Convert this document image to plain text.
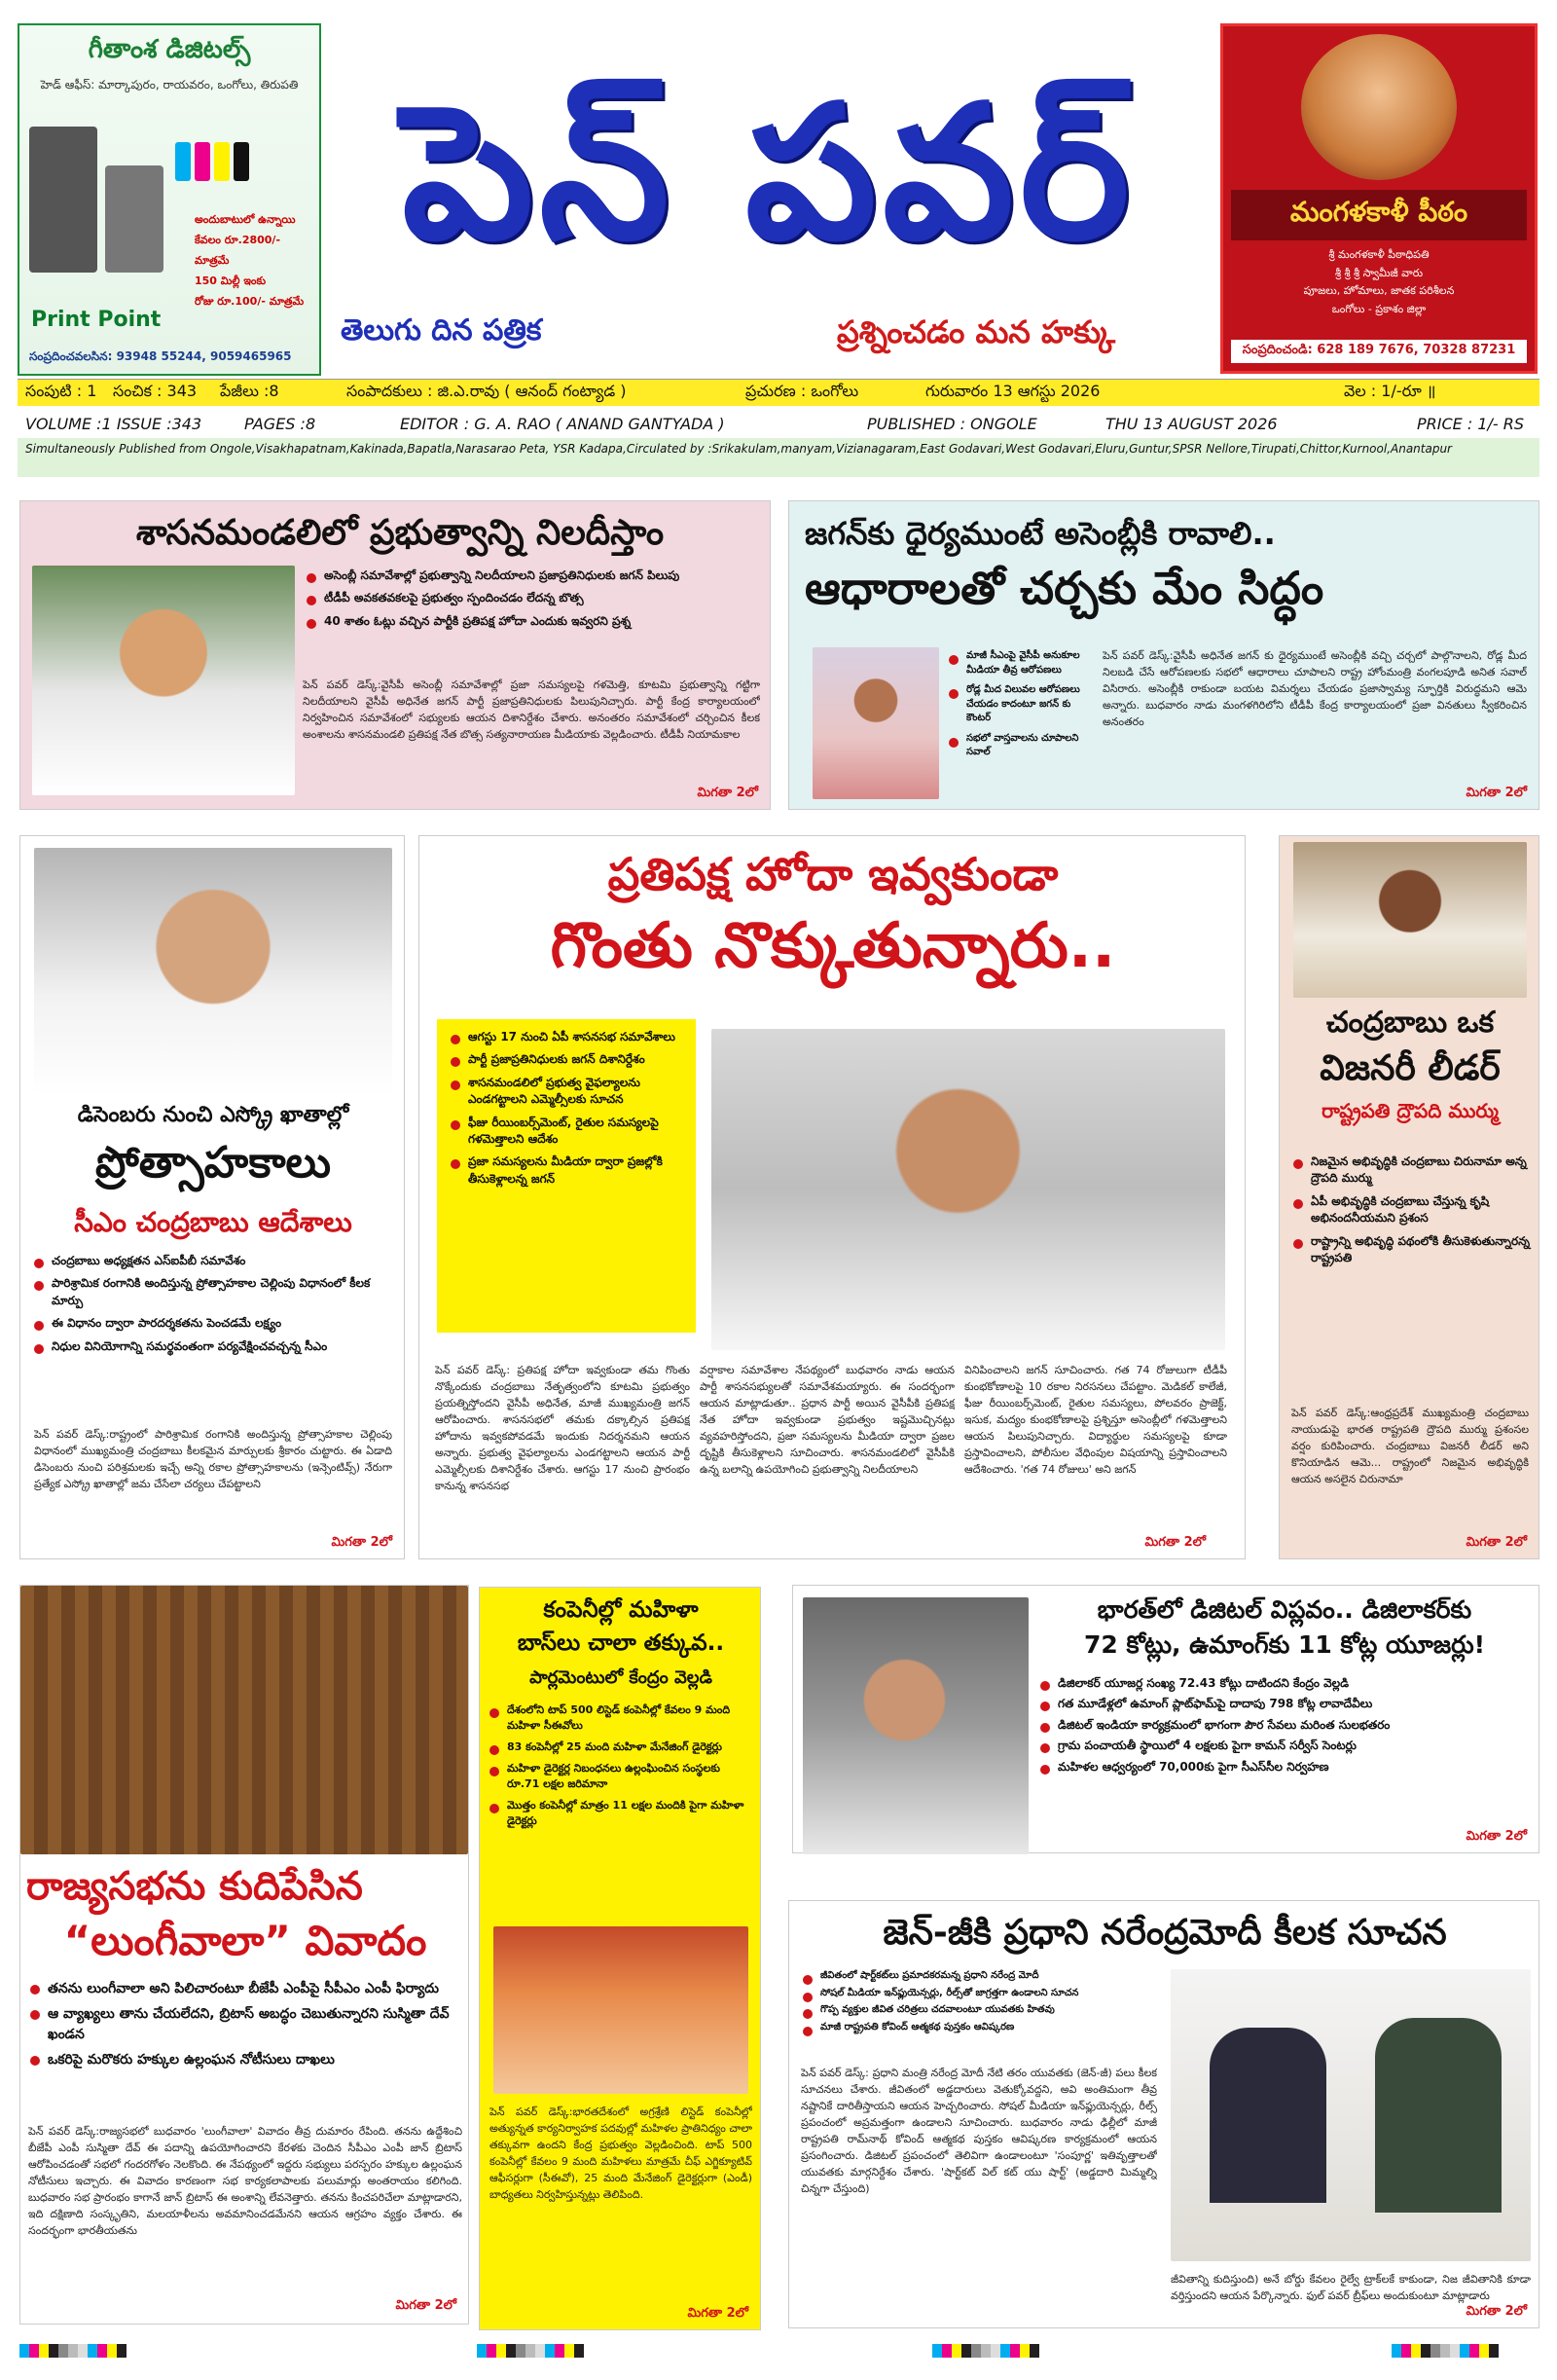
గీతాంశ డిజిటల్స్
హెడ్ ఆఫీస్: మార్కాపురం, రాయవరం, ఒంగోలు, తిరుపతి
అందుబాటులో ఉన్నాయి
కేవలం రూ.2800/- మాత్రమే
150 మిల్లీ ఇంకు
రోజు రూ.100/- మాత్రమే
Print Point
సంప్రదించవలసిన: 93948 55244, 9059465965
పెన్ పవర్
తెలుగు దిన పత్రిక	ప్రశ్నించడం మన హక్కు
మంగళకాళీ పీఠం
శ్రీ మంగళకాళీ పీఠాధిపతి
శ్రీ శ్రీ శ్రీ స్వామీజీ వారు
పూజలు, హోమాలు, జాతక పరిశీలన
ఒంగోలు - ప్రకాశం జిల్లా
సంప్రదించండి: 628 189 7676, 70328 87231
సంపుటి : 1	సంచిక : 343	పేజీలు :8	సంపాదకులు : జి.ఎ.రావు ( ఆనంద్ గంట్యాడ )	ప్రచురణ : ఒంగోలు	గురువారం 13 ఆగస్టు 2026	వెల : 1/-రూ ॥
VOLUME :1 ISSUE :343	PAGES :8	EDITOR : G. A. RAO ( ANAND GANTYADA )	PUBLISHED : ONGOLE	THU 13 AUGUST 2026	PRICE : 1/- RS
Simultaneously Published from Ongole,Visakhapatnam,Kakinada,Bapatla,Narasarao Peta, YSR Kadapa,Circulated by :Srikakulam,manyam,Vizianagaram,East Godavari,West Godavari,Eluru,Guntur,SPSR Nellore,Tirupati,Chittor,Kurnool,Anantapur
శాసనమండలిలో ప్రభుత్వాన్ని నిలదీస్తాం
అసెంబ్లీ సమావేశాల్లో ప్రభుత్వాన్ని నిలదీయాలని ప్రజాప్రతినిధులకు జగన్ పిలుపు
టీడీపీ అవకతవకలపై ప్రభుత్వం స్పందించడం లేదన్న బొత్స
40 శాతం ఓట్లు వచ్చిన పార్టీకి ప్రతిపక్ష హోదా ఎందుకు ఇవ్వరని ప్రశ్న
పెన్ పవర్ డెస్క్:వైసీపీ అసెంబ్లీ సమావేశాల్లో ప్రజా సమస్యలపై గళమెత్తి, కూటమి ప్రభుత్వాన్ని గట్టిగా నిలదీయాలని వైసీపీ అధినేత జగన్ పార్టీ ప్రజాప్రతినిధులకు పిలుపునిచ్చారు. పార్టీ కేంద్ర కార్యాలయంలో నిర్వహించిన సమావేశంలో సభ్యులకు ఆయన దిశానిర్దేశం చేశారు. అనంతరం సమావేశంలో చర్చించిన కీలక అంశాలను శాసనమండలి ప్రతిపక్ష నేత బొత్స సత్యనారాయణ మీడియాకు వెల్లడించారు. టీడీపీ నియామకాల
మిగతా 2లో
జగన్‌కు ధైర్యముంటే అసెంబ్లీకి రావాలి..
ఆధారాలతో చర్చకు మేం సిద్ధం
మాజీ సీఎంపై వైసీపీ అనుకూల మీడియా తీవ్ర ఆరోపణలు
రోడ్ల మీద విలువల ఆరోపణలు చేయడం కాదంటూ జగన్ కు కౌంటర్
సభలో వాస్తవాలను చూపాలని సవాల్
పెన్ పవర్ డెస్క్:వైసీపీ అధినేత జగన్ కు ధైర్యముంటే అసెంబ్లీకి వచ్చి చర్చలో పాల్గొనాలని, రోడ్ల మీద నిలబడి చేసే ఆరోపణలకు సభలో ఆధారాలు చూపాలని రాష్ట్ర హోంమంత్రి వంగలపూడి అనిత సవాల్ విసిరారు. అసెంబ్లీకి రాకుండా బయట విమర్శలు చేయడం ప్రజాస్వామ్య స్ఫూర్తికి విరుద్ధమని ఆమె అన్నారు. బుధవారం నాడు మంగళగిరిలోని టీడీపీ కేంద్ర కార్యాలయంలో ప్రజా వినతులు స్వీకరించిన అనంతరం
మిగతా 2లో
డిసెంబరు నుంచి ఎస్క్రో ఖాతాల్లో
ప్రోత్సాహకాలు
సీఎం చంద్రబాబు ఆదేశాలు
చంద్రబాబు అధ్యక్షతన ఎస్ఐపీబీ సమావేశం
పారిశ్రామిక రంగానికి అందిస్తున్న ప్రోత్సాహకాల చెల్లింపు విధానంలో కీలక మార్పు
ఈ విధానం ద్వారా పారదర్శకతను పెంచడమే లక్ష్యం
నిధుల వినియోగాన్ని సమర్థవంతంగా పర్యవేక్షించవచ్చన్న సీఎం
పెన్ పవర్ డెస్క్:రాష్ట్రంలో పారిశ్రామిక రంగానికి అందిస్తున్న ప్రోత్సాహకాల చెల్లింపు విధానంలో ముఖ్యమంత్రి చంద్రబాబు కీలకమైన మార్పులకు శ్రీకారం చుట్టారు. ఈ ఏడాది డిసెంబరు నుంచి పరిశ్రమలకు ఇచ్చే అన్ని రకాల ప్రోత్సాహకాలను (ఇన్సెంటివ్స్) నేరుగా ప్రత్యేక ఎస్క్రో ఖాతాల్లో జమ చేసేలా చర్యలు చేపట్టాలని
మిగతా 2లో
ప్రతిపక్ష హోదా ఇవ్వకుండా
గొంతు నొక్కుతున్నారు..
ఆగస్టు 17 నుంచి ఏపీ శాసనసభ సమావేశాలు
పార్టీ ప్రజాప్రతినిధులకు జగన్ దిశానిర్దేశం
శాసనమండలిలో ప్రభుత్వ వైఫల్యాలను ఎండగట్టాలని ఎమ్మెల్సీలకు సూచన
ఫీజు రీయింబర్స్‌మెంట్, రైతుల సమస్యలపై గళమెత్తాలని ఆదేశం
ప్రజా సమస్యలను మీడియా ద్వారా ప్రజల్లోకి తీసుకెళ్లాలన్న జగన్
పెన్ పవర్ డెస్క్: ప్రతిపక్ష హోదా ఇవ్వకుండా తమ గొంతు నొక్కేందుకు చంద్రబాబు నేతృత్వంలోని కూటమి ప్రభుత్వం ప్రయత్నిస్తోందని వైసీపీ అధినేత, మాజీ ముఖ్యమంత్రి జగన్ ఆరోపించారు. శాసనసభలో తమకు దక్కాల్సిన ప్రతిపక్ష హోదాను ఇవ్వకపోవడమే ఇందుకు నిదర్శనమని ఆయన అన్నారు. ప్రభుత్వ వైఫల్యాలను ఎండగట్టాలని ఆయన పార్టీ ఎమ్మెల్సీలకు దిశానిర్దేశం చేశారు. ఆగస్టు 17 నుంచి ప్రారంభం కానున్న శాసనసభ
వర్షాకాల సమావేశాల నేపథ్యంలో బుధవారం నాడు ఆయన పార్టీ శాసనసభ్యులతో సమావేశమయ్యారు. ఈ సందర్భంగా ఆయన మాట్లాడుతూ.. ప్రధాన పార్టీ అయిన వైసీపీకి ప్రతిపక్ష నేత హోదా ఇవ్వకుండా ప్రభుత్వం ఇష్టమొచ్చినట్లు వ్యవహరిస్తోందని, ప్రజా సమస్యలను మీడియా ద్వారా ప్రజల దృష్టికి తీసుకెళ్లాలని సూచించారు. శాసనమండలిలో వైసీపీకి ఉన్న బలాన్ని ఉపయోగించి ప్రభుత్వాన్ని నిలదీయాలని
వినిపించాలని జగన్ సూచించారు. గత 74 రోజులుగా టీడీపీ కుంభకోణాలపై 10 రకాల నిరసనలు చేపట్టాం. మెడికల్ కాలేజీ, ఫీజు రీయింబర్స్‌మెంట్, రైతుల సమస్యలు, పోలవరం ప్రాజెక్ట్, ఇసుక, మద్యం కుంభకోణాలపై ప్రశ్నిస్తూ అసెంబ్లీలో గళమెత్తాలని ఆయన పిలుపునిచ్చారు. విద్యార్థుల సమస్యలపై కూడా ప్రస్తావించాలని, పోలీసుల వేధింపుల విషయాన్ని ప్రస్తావించాలని ఆదేశించారు. 'గత 74 రోజులు' అని జగన్
మిగతా 2లో
చంద్రబాబు ఒక
విజనరీ లీడర్
రాష్ట్రపతి ద్రౌపది ముర్ము
నిజమైన అభివృద్ధికి చంద్రబాబు చిరునామా అన్న ద్రౌపది ముర్ము
ఏపీ అభివృద్ధికి చంద్రబాబు చేస్తున్న కృషి అభినందనీయమని ప్రశంస
రాష్ట్రాన్ని అభివృద్ధి పథంలోకి తీసుకెళుతున్నారన్న రాష్ట్రపతి
పెన్ పవర్ డెస్క్:ఆంధ్రప్రదేశ్ ముఖ్యమంత్రి చంద్రబాబు నాయుడుపై భారత రాష్ట్రపతి ద్రౌపది ముర్ము ప్రశంసల వర్షం కురిపించారు. చంద్రబాబు విజనరీ లీడర్ అని కొనియాడిన ఆమె... రాష్ట్రంలో నిజమైన అభివృద్ధికి ఆయన అసలైన చిరునామా
మిగతా 2లో
రాజ్యసభను కుదిపేసిన
“లుంగీవాలా” వివాదం
తనను లుంగీవాలా అని పిలిచారంటూ బీజేపీ ఎంపీపై సీపీఎం ఎంపీ ఫిర్యాదు
ఆ వ్యాఖ్యలు తాను చేయలేదని, బ్రిటాస్ అబద్ధం చెబుతున్నారని సుస్మితా దేవ్ ఖండన
ఒకరిపై మరొకరు హక్కుల ఉల్లంఘన నోటీసులు దాఖలు
పెన్ పవర్ డెస్క్:రాజ్యసభలో బుధవారం 'లుంగీవాలా' వివాదం తీవ్ర దుమారం రేపింది. తనను ఉద్దేశించి బీజేపీ ఎంపీ సుస్మితా దేవ్ ఈ పదాన్ని ఉపయోగించారని కేరళకు చెందిన సీపీఎం ఎంపీ జాన్ బ్రిటాస్ ఆరోపించడంతో సభలో గందరగోళం నెలకొంది. ఈ నేపథ్యంలో ఇద్దరు సభ్యులు పరస్పరం హక్కుల ఉల్లంఘన నోటీసులు ఇచ్చారు. ఈ వివాదం కారణంగా సభ కార్యకలాపాలకు పలుమార్లు అంతరాయం కలిగింది. బుధవారం సభ ప్రారంభం కాగానే జాన్ బ్రిటాస్ ఈ అంశాన్ని లేవనెత్తారు. తనను కించపరిచేలా మాట్లాడారని, ఇది దక్షిణాది సంస్కృతిని, మలయాళీలను అవమానించడమేనని ఆయన ఆగ్రహం వ్యక్తం చేశారు. ఈ సందర్భంగా భారతీయతను
మిగతా 2లో
కంపెనీల్లో మహిళా
బాస్‌లు చాలా తక్కువ..
పార్లమెంటులో కేంద్రం వెల్లడి
దేశంలోని టాప్ 500 లిస్టెడ్ కంపెనీల్లో కేవలం 9 మంది మహిళా సీఈవోలు
83 కంపెనీల్లో 25 మంది మహిళా మేనేజింగ్ డైరెక్టర్లు
మహిళా డైరెక్టర్ల నిబంధనలు ఉల్లంఘించిన సంస్థలకు రూ.71 లక్షల జరిమానా
మొత్తం కంపెనీల్లో మాత్రం 11 లక్షల మందికి పైగా మహిళా డైరెక్టర్లు
పెన్ పవర్ డెస్క్:భారతదేశంలో అగ్రశ్రేణి లిస్టెడ్ కంపెనీల్లో అత్యున్నత కార్యనిర్వాహక పదవుల్లో మహిళల ప్రాతినిధ్యం చాలా తక్కువగా ఉందని కేంద్ర ప్రభుత్వం వెల్లడించింది. టాప్ 500 కంపెనీల్లో కేవలం 9 మంది మహిళలు మాత్రమే చీఫ్ ఎగ్జిక్యూటివ్ ఆఫీసర్లుగా (సీఈవో), 25 మంది మేనేజింగ్ డైరెక్టర్లుగా (ఎండీ) బాధ్యతలు నిర్వహిస్తున్నట్లు తెలిపింది.
మిగతా 2లో
భారత్‌లో డిజిటల్ విప్లవం.. డిజిలాకర్‌కు
72 కోట్లు, ఉమాంగ్‌కు 11 కోట్ల యూజర్లు!
డిజిలాకర్ యూజర్ల సంఖ్య 72.43 కోట్లు దాటిందని కేంద్రం వెల్లడి
గత మూడేళ్లలో ఉమాంగ్ ప్లాట్‌ఫామ్‌పై దాదాపు 798 కోట్ల లావాదేవీలు
డిజిటల్ ఇండియా కార్యక్రమంలో భాగంగా పౌర సేవలు మరింత సులభతరం
గ్రామ పంచాయతీ స్థాయిలో 4 లక్షలకు పైగా కామన్ సర్వీస్ సెంటర్లు
మహిళల ఆధ్వర్యంలో 70,000కు పైగా సీఎస్‌సీల నిర్వహణ
మిగతా 2లో
జెన్-జీకి ప్రధాని నరేంద్రమోదీ కీలక సూచన
జీవితంలో షార్ట్‌కట్‌లు ప్రమాదకరమన్న ప్రధాని నరేంద్ర మోదీ
సోషల్ మీడియా ఇన్‌ఫ్లుయెన్సర్లు, రీల్స్‌తో జాగ్రత్తగా ఉండాలని సూచన
గొప్ప వ్యక్తుల జీవిత చరిత్రలు చదవాలంటూ యువతకు హితవు
మాజీ రాష్ట్రపతి కోవింద్ ఆత్మకథ పుస్తకం ఆవిష్కరణ
పెన్ పవర్ డెస్క్: ప్రధాని మంత్రి నరేంద్ర మోదీ నేటి తరం యువతకు (జెన్-జీ) పలు కీలక సూచనలు చేశారు. జీవితంలో అడ్డదారులు వెతుక్కోవద్దని, అవి అంతిమంగా తీవ్ర నష్టానికే దారితీస్తాయని ఆయన హెచ్చరించారు. సోషల్ మీడియా ఇన్‌ఫ్లుయెన్సర్లు, రీల్స్ ప్రపంచంలో అప్రమత్తంగా ఉండాలని సూచించారు. బుధవారం నాడు ఢిల్లీలో మాజీ రాష్ట్రపతి రామ్‌నాథ్ కోవింద్ ఆత్మకథ పుస్తకం ఆవిష్కరణ కార్యక్రమంలో ఆయన ప్రసంగించారు. డిజిటల్ ప్రపంచంలో తెలివిగా ఉండాలంటూ 'సంపూర్ణ' ఇతివృత్తాలతో యువతకు మార్గనిర్దేశం చేశారు. 'షార్ట్‌కట్ విల్ కట్ యు షార్ట్' (అడ్డదారి మిమ్మల్ని చిన్నగా చేస్తుంది)
జీవితాన్ని కుదిస్తుంది) అనే బోర్డు కేవలం రైల్వే ట్రాక్‌లకే కాకుండా, నిజ జీవితానికి కూడా వర్తిస్తుందని ఆయన పేర్కొన్నారు. ఫుల్ పవర్ బ్రీఫ్‌లు అందుకుంటూ మాట్లాడారు
మిగతా 2లో
